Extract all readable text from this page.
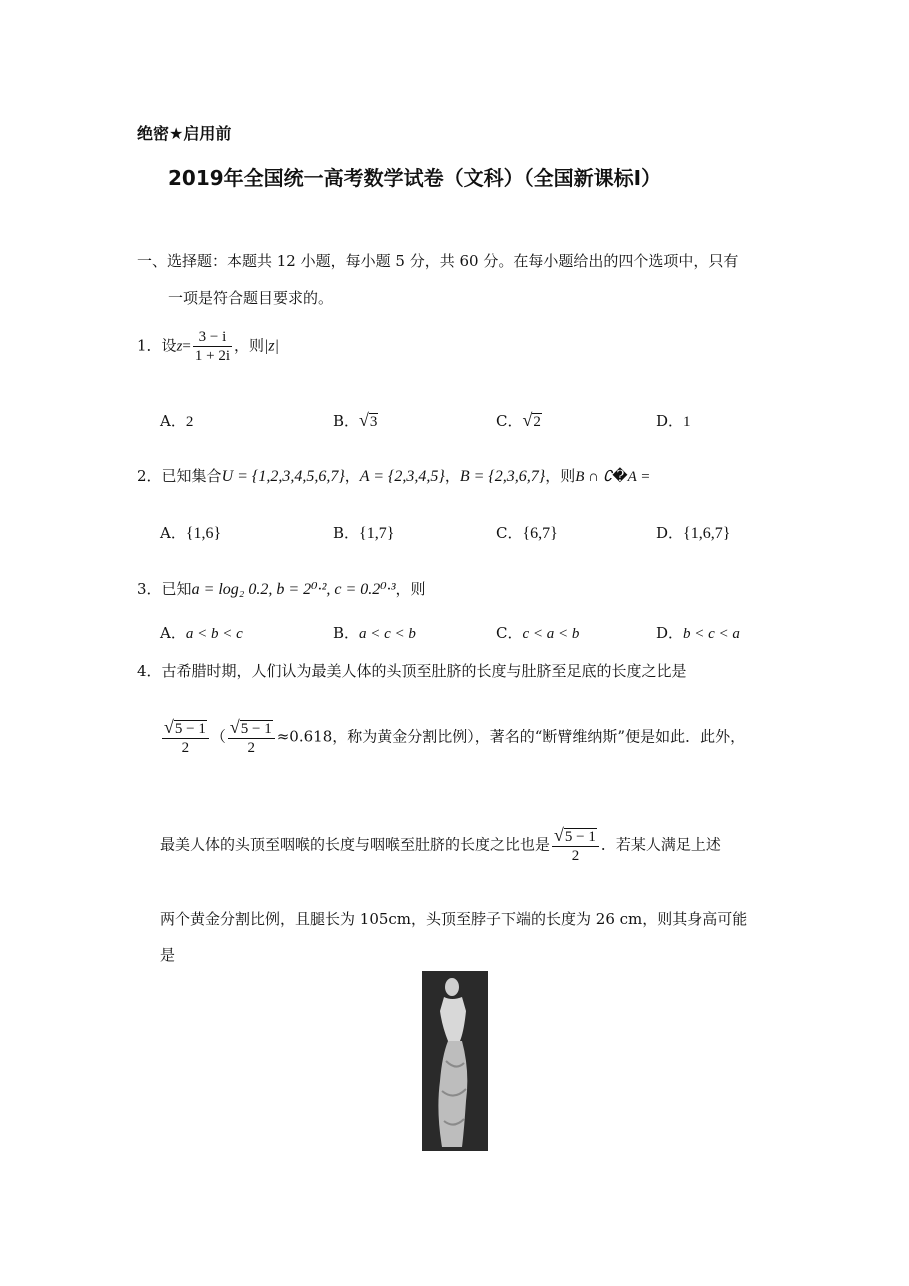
绝密★启用前
2019年全国统一高考数学试卷（文科）（全国新课标Ⅰ）
一、选择题：本题共 12 小题，每小题 5 分，共 60 分。在每小题给出的四个选项中，只有
一项是符合题目要求的。
1．设$z= \frac{3 - i}{1 + 2i}$ ，则|z|
A．2	B．√3	C．√2	D．1
2．已知集合U = {1,2,3,4,5,6,7}，A = {2,3,4,5}，B = {2,3,6,7}，则B ∩ ∁�A =
A．{1,6}	B．{1,7}	C．{6,7}	D．{1,6,7}
3．已知a = log₂ 0.2, b = 2⁰·², c = 0.2⁰·³，则
A．a < b < c	B．a < c < b	C．c < a < b	D．b < c < a
4．古希腊时期，人们认为最美人体的头顶至肚脐的长度与肚脐至足底的长度之比是
$\frac{√5 - 1}{2}$ （ $\frac{√5 - 1}{2} \approx 0.618$，称为黄金分割比例），著名的“断臂维纳斯”便是如此．此外，
最美人体的头顶至咽喉的长度与咽喉至肚脐的长度之比也是 $\frac{√5 - 1}{2}$ ．若某人满足上述
两个黄金分割比例，且腿长为 105cm，头顶至脖子下端的长度为 26 cm，则其身高可能
是
